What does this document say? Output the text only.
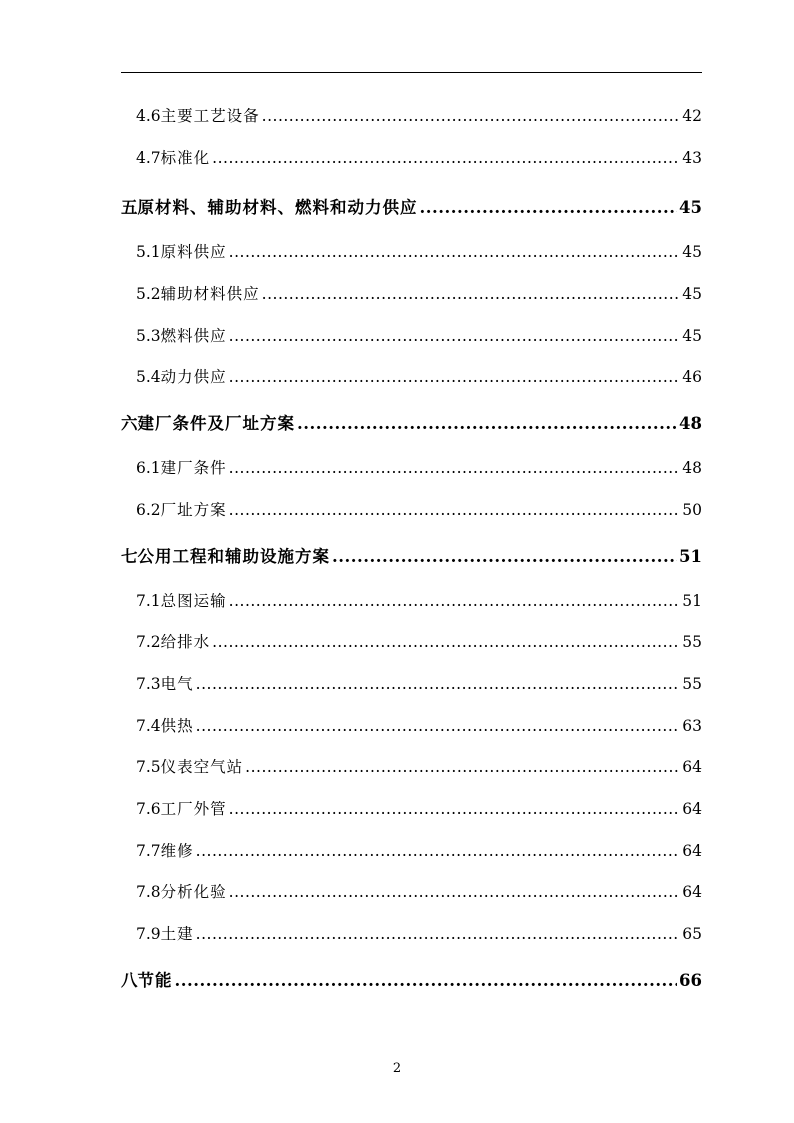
4.6 主要工艺设备 .....	42
4.7 标准化 .....	43
五 原材料、辅助材料、燃料和动力供应 .....	45
5.1 原料供应 .....	45
5.2 辅助材料供应 .....	45
5.3 燃料供应 .....	45
5.4 动力供应 .....	46
六 建厂条件及厂址方案 .....	48
6.1 建厂条件 .....	48
6.2 厂址方案 .....	50
七 公用工程和辅助设施方案 .....	51
7.1 总图运输 .....	51
7.2 给排水 .....	55
7.3 电气 .....	55
7.4 供热 .....	63
7.5 仪表空气站 .....	64
7.6 工厂外管 .....	64
7.7 维修 .....	64
7.8 分析化验 .....	64
7.9 土建 .....	65
八 节能 .....	66
2
